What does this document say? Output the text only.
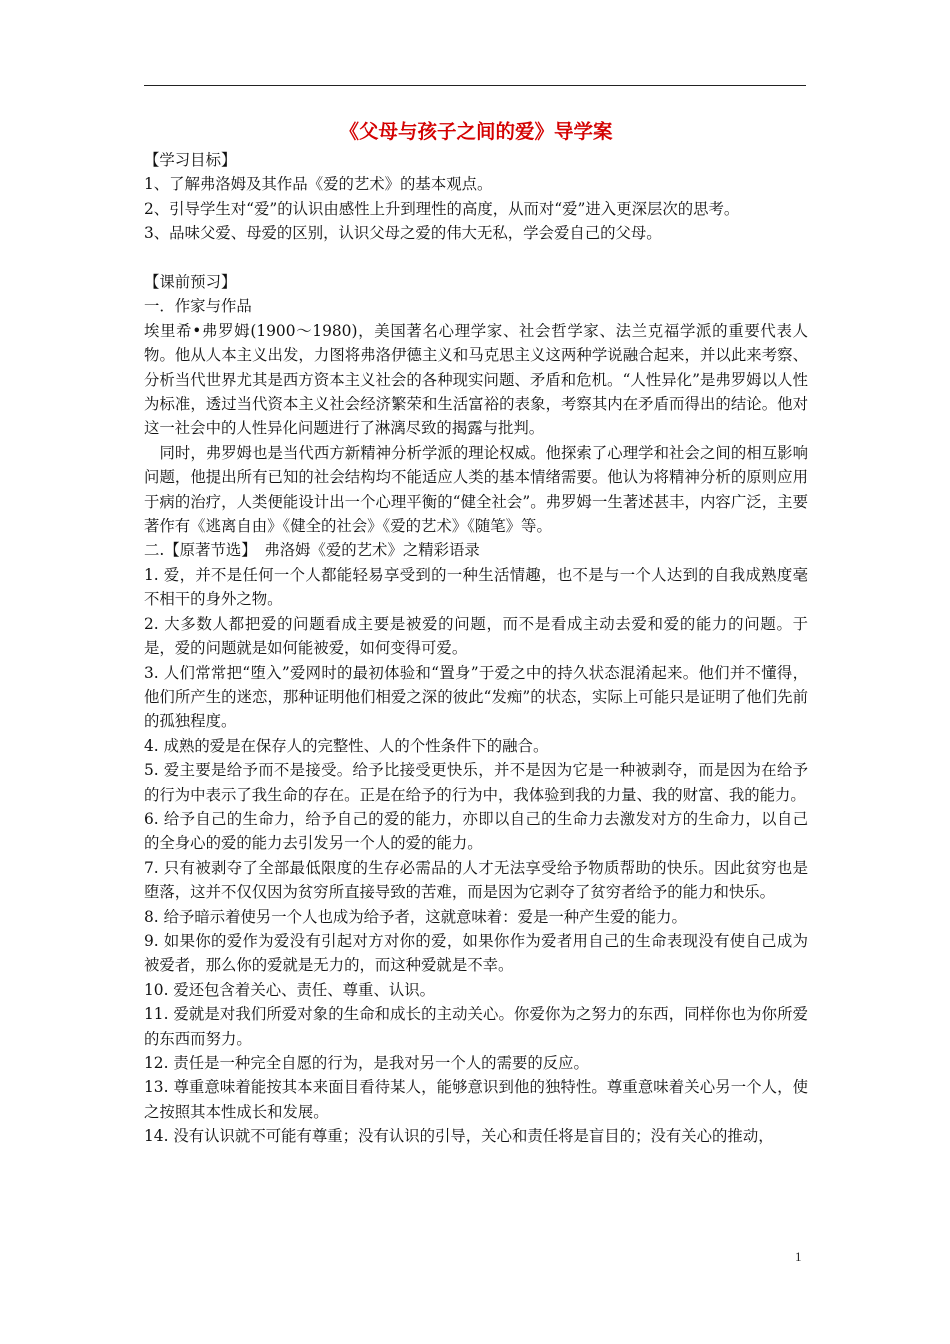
《父母与孩子之间的爱》导学案
【学习目标】
1、了解弗洛姆及其作品《爱的艺术》的基本观点。
2、引导学生对“爱”的认识由感性上升到理性的高度，从而对“爱”进入更深层次的思考。
3、品味父爱、母爱的区别，认识父母之爱的伟大无私，学会爱自己的父母。
【课前预习】
一．作家与作品
埃里希•弗罗姆(1900～1980)，美国著名心理学家、社会哲学家、法兰克福学派的重要代表人物。他从人本主义出发，力图将弗洛伊德主义和马克思主义这两种学说融合起来，并以此来考察、分析当代世界尤其是西方资本主义社会的各种现实问题、矛盾和危机。“人性异化”是弗罗姆以人性为标准，透过当代资本主义社会经济繁荣和生活富裕的表象，考察其内在矛盾而得出的结论。他对这一社会中的人性异化问题进行了淋漓尽致的揭露与批判。
　同时，弗罗姆也是当代西方新精神分析学派的理论权威。他探索了心理学和社会之间的相互影响问题，他提出所有已知的社会结构均不能适应人类的基本情绪需要。他认为将精神分析的原则应用于病的治疗，人类便能设计出一个心理平衡的“健全社会”。弗罗姆一生著述甚丰，内容广泛，主要著作有《逃离自由》《健全的社会》《爱的艺术》《随笔》等。
二.【原著节选】　弗洛姆《爱的艺术》之精彩语录
1. 爱，并不是任何一个人都能轻易享受到的一种生活情趣，也不是与一个人达到的自我成熟度毫不相干的身外之物。
2. 大多数人都把爱的问题看成主要是被爱的问题，而不是看成主动去爱和爱的能力的问题。于是，爱的问题就是如何能被爱，如何变得可爱。
3. 人们常常把“堕入”爱网时的最初体验和“置身”于爱之中的持久状态混淆起来。他们并不懂得，他们所产生的迷恋，那种证明他们相爱之深的彼此“发痴”的状态，实际上可能只是证明了他们先前的孤独程度。
4. 成熟的爱是在保存人的完整性、人的个性条件下的融合。
5. 爱主要是给予而不是接受。给予比接受更快乐，并不是因为它是一种被剥夺，而是因为在给予的行为中表示了我生命的存在。正是在给予的行为中，我体验到我的力量、我的财富、我的能力。
6. 给予自己的生命力，给予自己的爱的能力，亦即以自己的生命力去激发对方的生命力，以自己的全身心的爱的能力去引发另一个人的爱的能力。
7. 只有被剥夺了全部最低限度的生存必需品的人才无法享受给予物质帮助的快乐。因此贫穷也是堕落，这并不仅仅因为贫穷所直接导致的苦难，而是因为它剥夺了贫穷者给予的能力和快乐。
8. 给予暗示着使另一个人也成为给予者，这就意味着：爱是一种产生爱的能力。
9. 如果你的爱作为爱没有引起对方对你的爱，如果你作为爱者用自己的生命表现没有使自己成为被爱者，那么你的爱就是无力的，而这种爱就是不幸。
10. 爱还包含着关心、责任、尊重、认识。
11. 爱就是对我们所爱对象的生命和成长的主动关心。你爱你为之努力的东西，同样你也为你所爱的东西而努力。
12. 责任是一种完全自愿的行为，是我对另一个人的需要的反应。
13. 尊重意味着能按其本来面目看待某人，能够意识到他的独特性。尊重意味着关心另一个人，使之按照其本性成长和发展。
14. 没有认识就不可能有尊重；没有认识的引导，关心和责任将是盲目的；没有关心的推动，
1
